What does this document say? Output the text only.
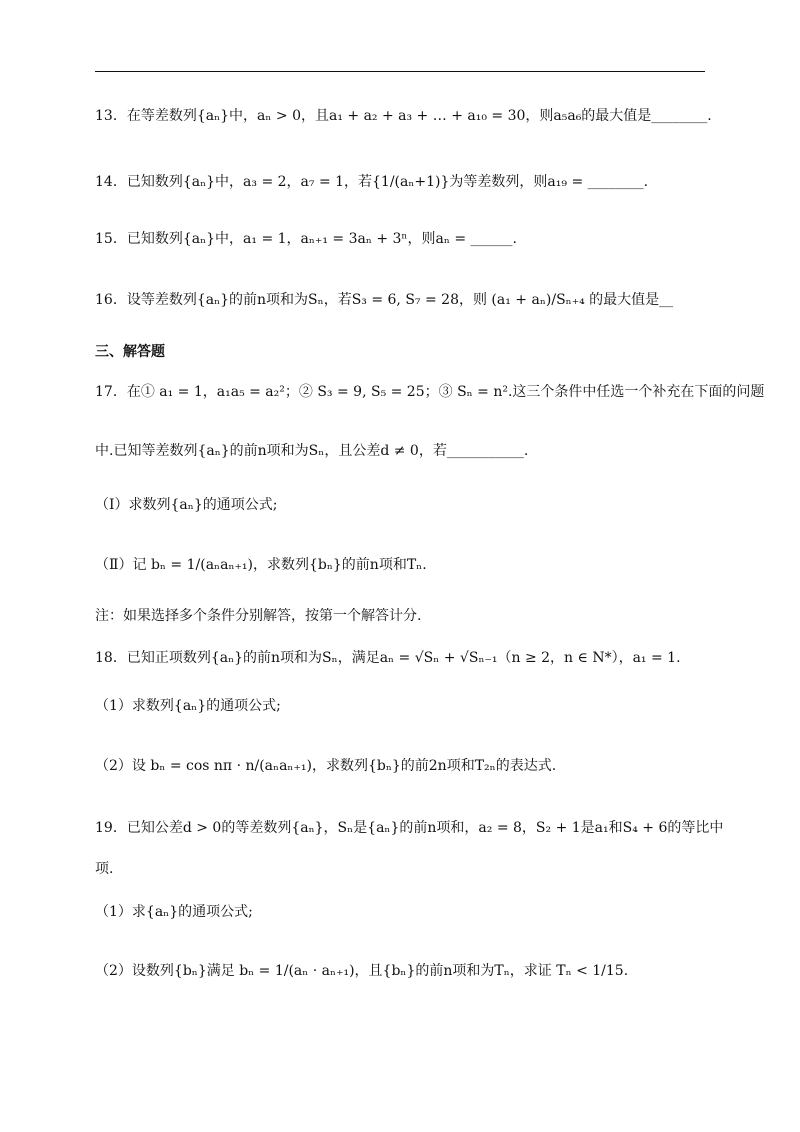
13．在等差数列{aₙ}中，aₙ > 0，且a₁ + a₂ + a₃ + … + a₁₀ = 30，则a₅a₆的最大值是________.
14．已知数列{aₙ}中，a₃ = 2，a₇ = 1，若{1/(aₙ+1)}为等差数列，则a₁₉ = ________.
15．已知数列{aₙ}中，a₁ = 1，aₙ₊₁ = 3aₙ + 3ⁿ，则aₙ = ______.
16．设等差数列{aₙ}的前n项和为Sₙ，若S₃ = 6, S₇ = 28，则 (a₁ + aₙ)/Sₙ₊₄ 的最大值是__
三、解答题
17．在① a₁ = 1，a₁a₅ = a₂²；② S₃ = 9, S₅ = 25；③ Sₙ = n².这三个条件中任选一个补充在下面的问题
中.已知等差数列{aₙ}的前n项和为Sₙ，且公差d ≠ 0，若___________.
（Ⅰ）求数列{aₙ}的通项公式;
（Ⅱ）记 bₙ = 1/(aₙaₙ₊₁)，求数列{bₙ}的前n项和Tₙ.
注：如果选择多个条件分别解答，按第一个解答计分.
18．已知正项数列{aₙ}的前n项和为Sₙ，满足aₙ = √Sₙ + √Sₙ₋₁（n ≥ 2，n ∈ N*），a₁ = 1.
（1）求数列{aₙ}的通项公式;
（2）设 bₙ = cos nπ · n/(aₙaₙ₊₁)，求数列{bₙ}的前2n项和T₂ₙ的表达式.
19．已知公差d > 0的等差数列{aₙ}，Sₙ是{aₙ}的前n项和，a₂ = 8，S₂ + 1是a₁和S₄ + 6的等比中
项.
（1）求{aₙ}的通项公式;
（2）设数列{bₙ}满足 bₙ = 1/(aₙ · aₙ₊₁)，且{bₙ}的前n项和为Tₙ，求证 Tₙ < 1/15.
